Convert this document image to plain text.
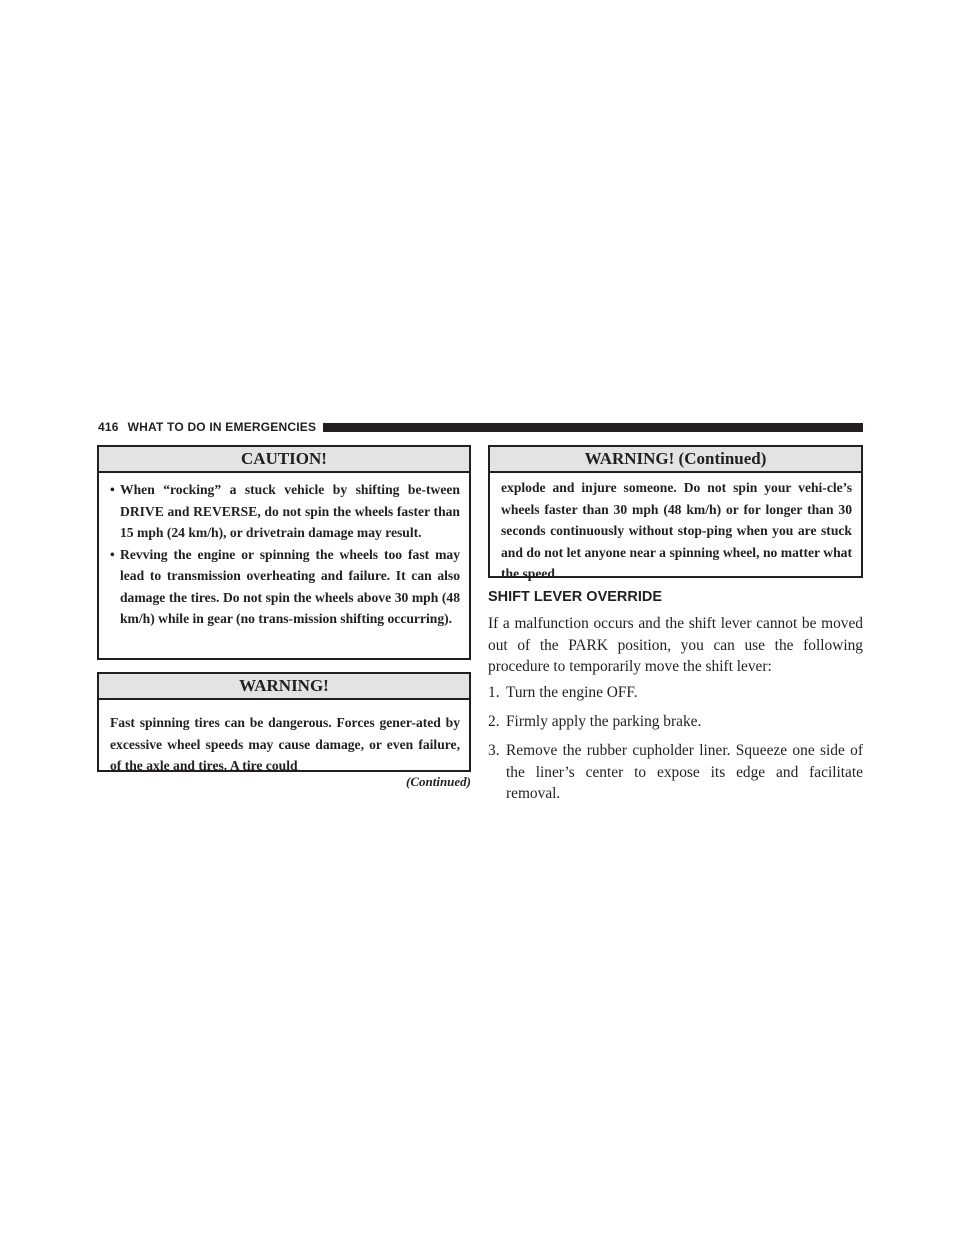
416 WHAT TO DO IN EMERGENCIES
CAUTION!
• When “rocking” a stuck vehicle by shifting be-tween DRIVE and REVERSE, do not spin the wheels faster than 15 mph (24 km/h), or drivetrain damage may result.
• Revving the engine or spinning the wheels too fast may lead to transmission overheating and failure. It can also damage the tires. Do not spin the wheels above 30 mph (48 km/h) while in gear (no trans-mission shifting occurring).
WARNING!
Fast spinning tires can be dangerous. Forces gener-ated by excessive wheel speeds may cause damage, or even failure, of the axle and tires. A tire could
(Continued)
WARNING! (Continued)
explode and injure someone. Do not spin your vehi-cle’s wheels faster than 30 mph (48 km/h) or for longer than 30 seconds continuously without stop-ping when you are stuck and do not let anyone near a spinning wheel, no matter what the speed.
SHIFT LEVER OVERRIDE
If a malfunction occurs and the shift lever cannot be moved out of the PARK position, you can use the following procedure to temporarily move the shift lever:
1. Turn the engine OFF.
2. Firmly apply the parking brake.
3. Remove the rubber cupholder liner. Squeeze one side of the liner’s center to expose its edge and facilitate removal.
